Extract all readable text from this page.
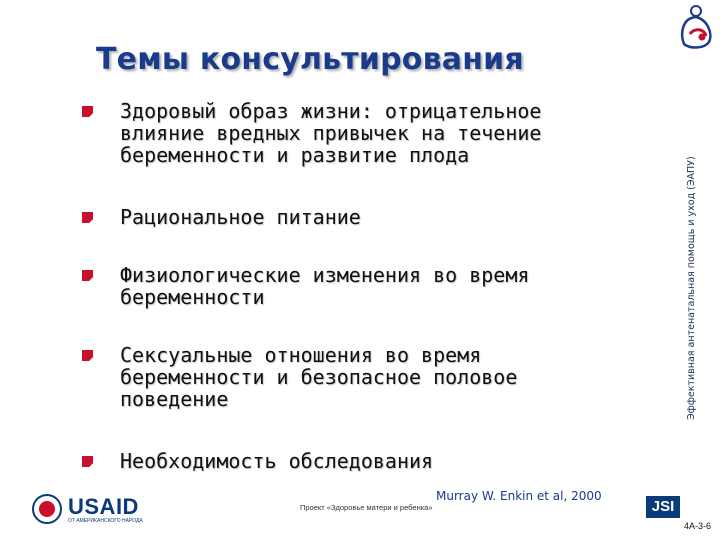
Темы консультирования
Эффективная антенатальная помощь и уход (ЭАПУ)
Здоровый образ жизни: отрицательное
влияние вредных привычек на течение
беременности и развитие плода
Рациональное питание
Физиологические изменения во время
беременности
Сексуальные отношения во время
беременности и безопасное половое
поведение
Необходимость обследования
USAID
ОТ АМЕРИКАНСКОГО НАРОДА
Проект «Здоровье матери и ребенка»
Murray W. Enkin et al, 2000
JSI
4A-3-6
